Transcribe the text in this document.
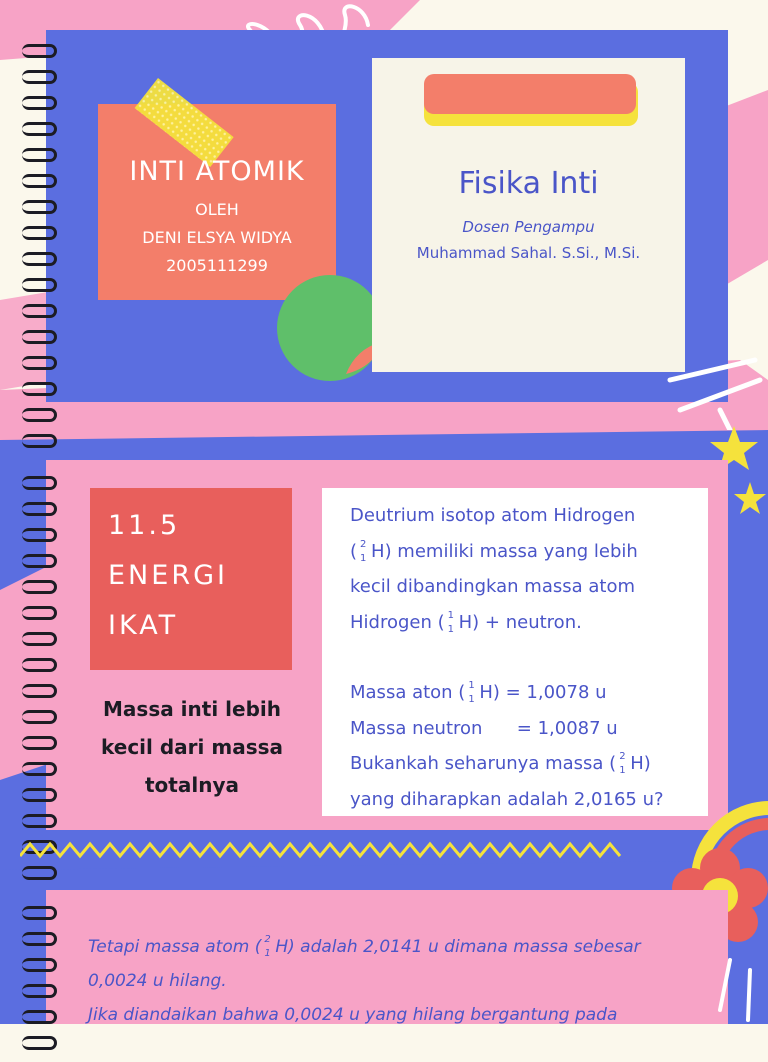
INTI ATOMIK
OLEH
DENI ELSYA WIDYA
2005111299
Fisika Inti
Dosen Pengampu
Muhammad Sahal. S.Si., M.Si.
11.5
ENERGI
IKAT
Massa inti lebih
kecil dari massa
totalnya
Deutrium isotop atom Hidrogen
( 2
1 H) memiliki massa yang lebih
kecil dibandingkan massa atom
Hidrogen ( 1
1 H) + neutron.
Massa aton ( 1
1 H) = 1,0078 u
Massa neutron      = 1,0087 u
Bukankah seharunya massa ( 2
1 H)
yang diharapkan adalah 2,0165 u?
Tetapi massa atom ( 2
1 H) adalah 2,0141 u dimana massa sebesar
0,0024 u hilang.
Jika diandaikan bahwa 0,0024 u yang hilang bergantung pada
